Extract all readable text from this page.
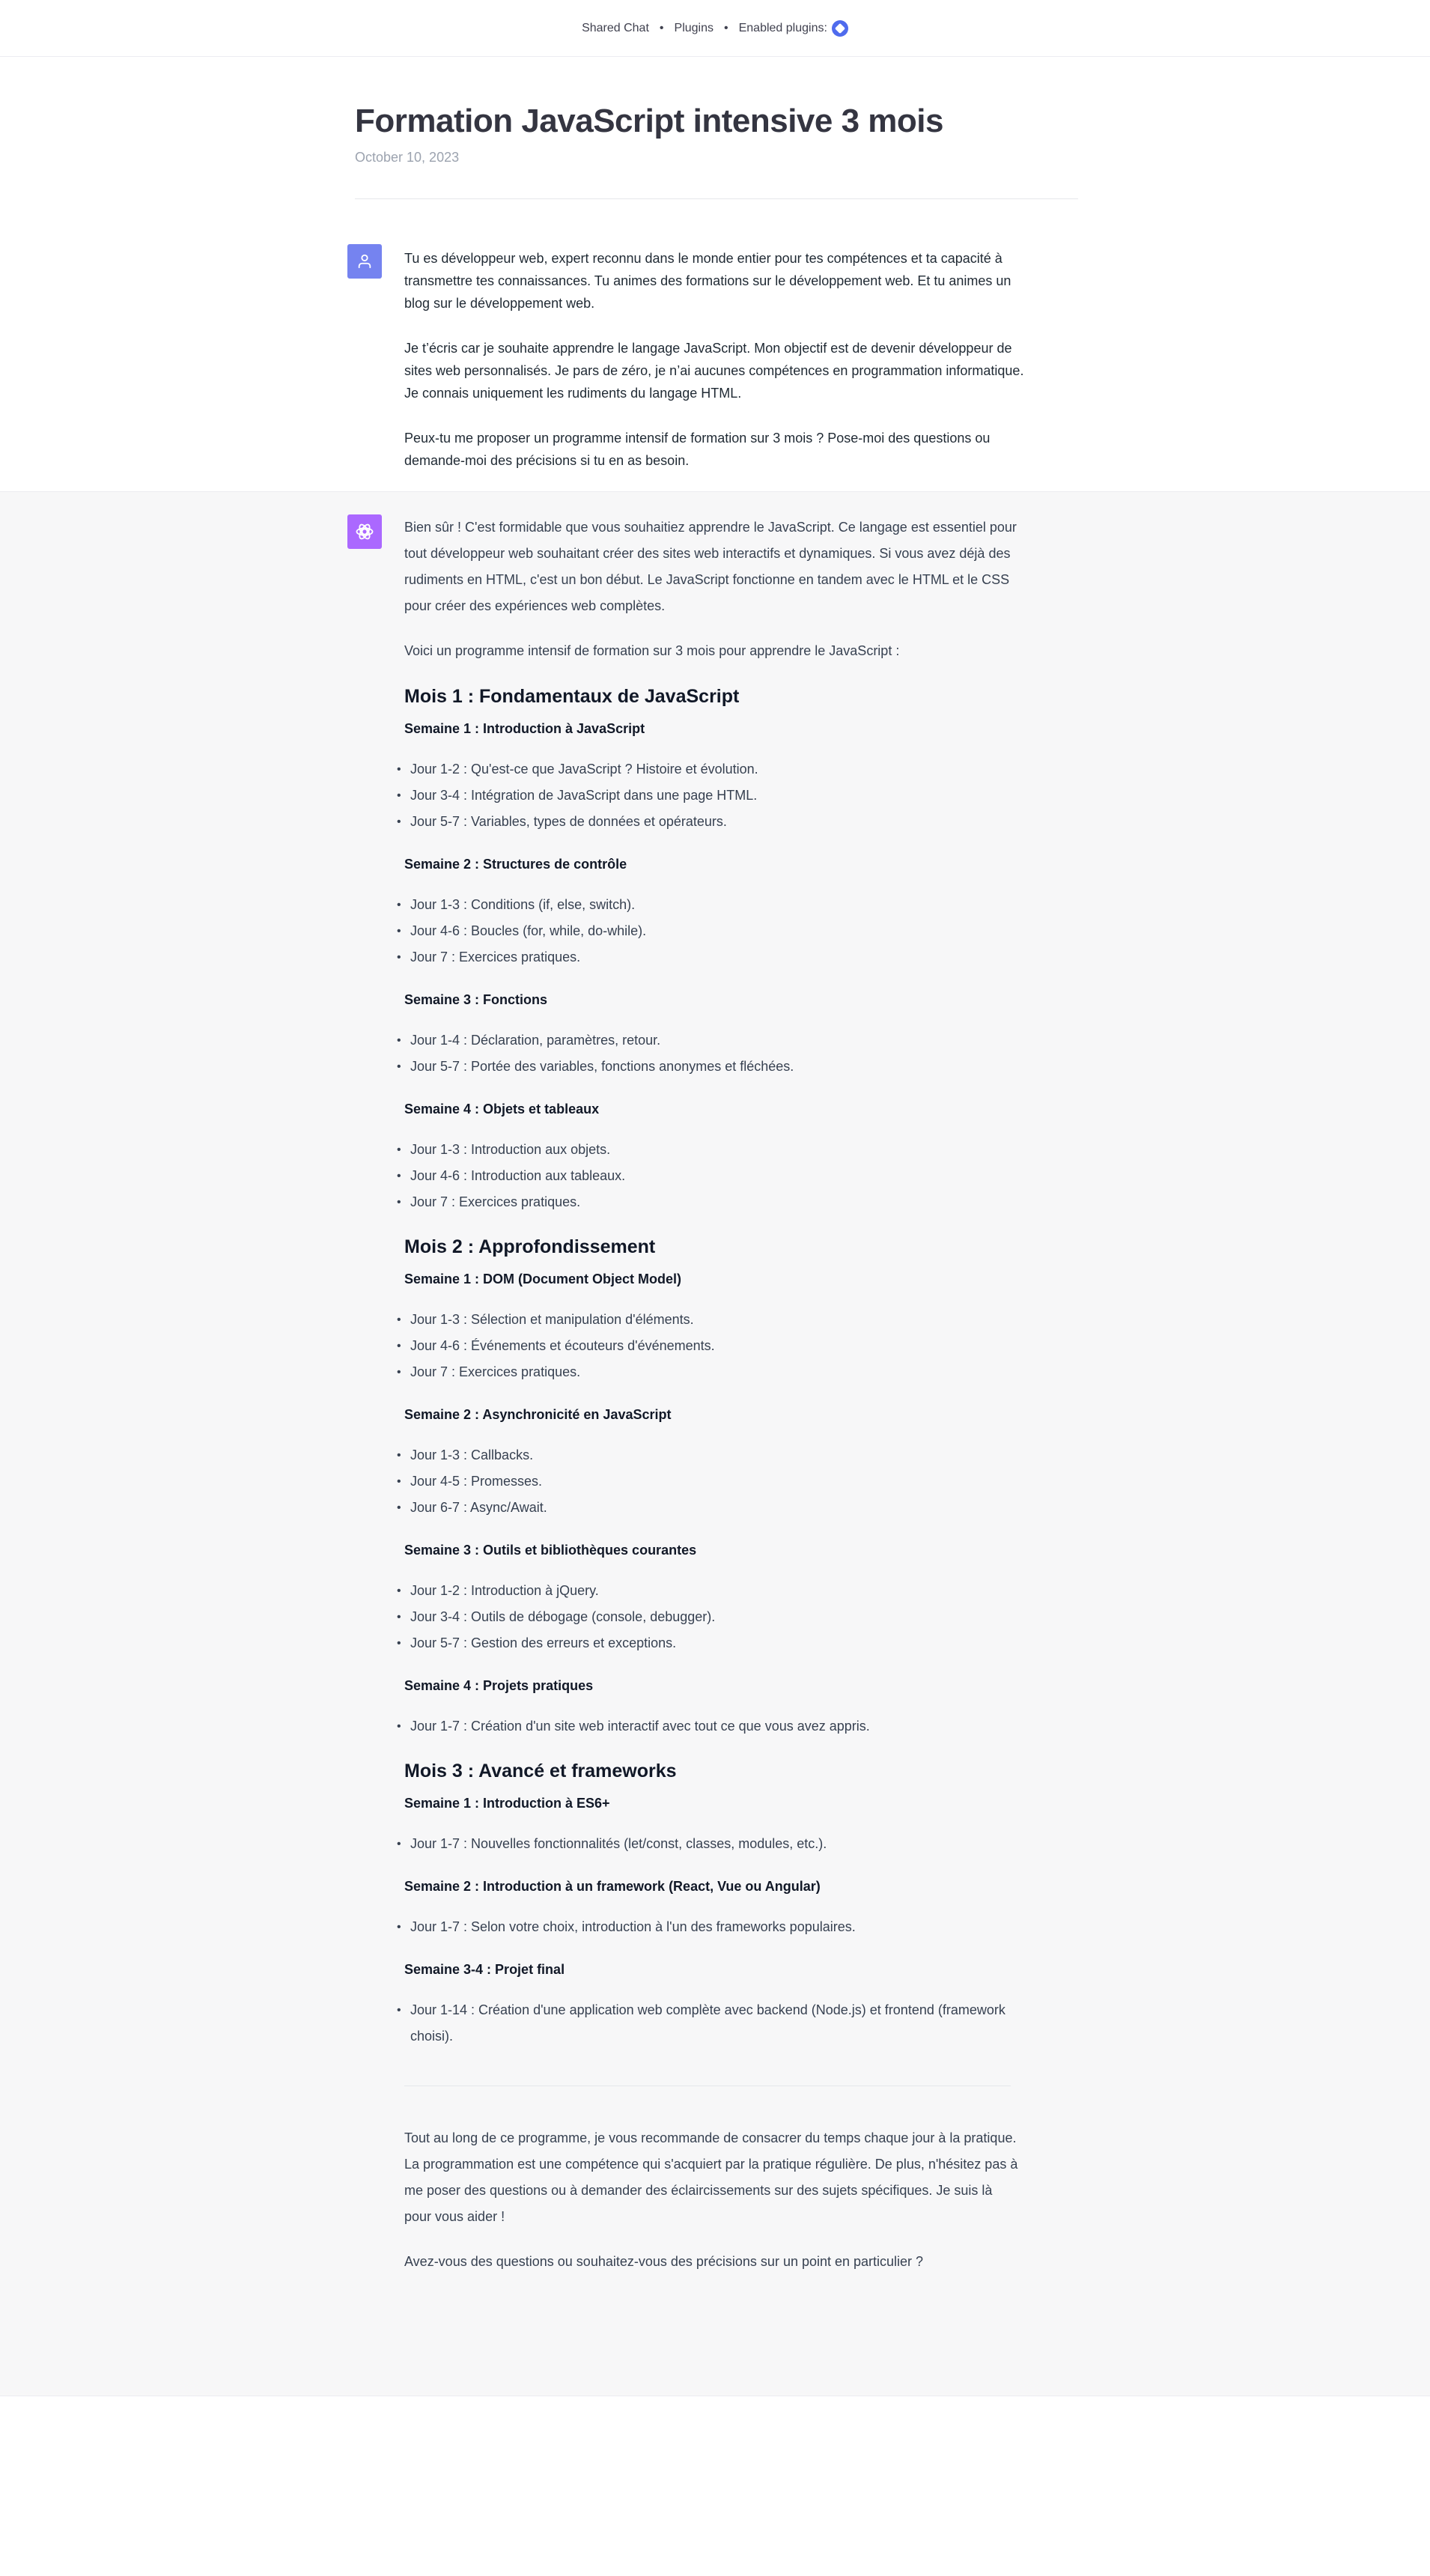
Shared Chat • Plugins • Enabled plugins:
Formation JavaScript intensive 3 mois
October 10, 2023

Tu es développeur web, expert reconnu dans le monde entier pour tes compétences et ta capacité à transmettre tes connaissances. Tu animes des formations sur le développement web. Et tu animes un blog sur le développement web.

Je t’écris car je souhaite apprendre le langage JavaScript. Mon objectif est de devenir développeur de sites web personnalisés. Je pars de zéro, je n’ai aucunes compétences en programmation informatique. Je connais uniquement les rudiments du langage HTML.

Peux-tu me proposer un programme intensif de formation sur 3 mois ? Pose-moi des questions ou demande-moi des précisions si tu en as besoin.

Bien sûr ! C'est formidable que vous souhaitiez apprendre le JavaScript. Ce langage est essentiel pour tout développeur web souhaitant créer des sites web interactifs et dynamiques. Si vous avez déjà des rudiments en HTML, c'est un bon début. Le JavaScript fonctionne en tandem avec le HTML et le CSS pour créer des expériences web complètes.

Voici un programme intensif de formation sur 3 mois pour apprendre le JavaScript :

Mois 1 : Fondamentaux de JavaScript
Semaine 1 : Introduction à JavaScript
• Jour 1-2 : Qu'est-ce que JavaScript ? Histoire et évolution.
• Jour 3-4 : Intégration de JavaScript dans une page HTML.
• Jour 5-7 : Variables, types de données et opérateurs.
Semaine 2 : Structures de contrôle
• Jour 1-3 : Conditions (if, else, switch).
• Jour 4-6 : Boucles (for, while, do-while).
• Jour 7 : Exercices pratiques.
Semaine 3 : Fonctions
• Jour 1-4 : Déclaration, paramètres, retour.
• Jour 5-7 : Portée des variables, fonctions anonymes et fléchées.
Semaine 4 : Objets et tableaux
• Jour 1-3 : Introduction aux objets.
• Jour 4-6 : Introduction aux tableaux.
• Jour 7 : Exercices pratiques.
Mois 2 : Approfondissement
Semaine 1 : DOM (Document Object Model)
• Jour 1-3 : Sélection et manipulation d'éléments.
• Jour 4-6 : Événements et écouteurs d'événements.
• Jour 7 : Exercices pratiques.
Semaine 2 : Asynchronicité en JavaScript
• Jour 1-3 : Callbacks.
• Jour 4-5 : Promesses.
• Jour 6-7 : Async/Await.
Semaine 3 : Outils et bibliothèques courantes
• Jour 1-2 : Introduction à jQuery.
• Jour 3-4 : Outils de débogage (console, debugger).
• Jour 5-7 : Gestion des erreurs et exceptions.
Semaine 4 : Projets pratiques
• Jour 1-7 : Création d'un site web interactif avec tout ce que vous avez appris.
Mois 3 : Avancé et frameworks
Semaine 1 : Introduction à ES6+
• Jour 1-7 : Nouvelles fonctionnalités (let/const, classes, modules, etc.).
Semaine 2 : Introduction à un framework (React, Vue ou Angular)
• Jour 1-7 : Selon votre choix, introduction à l'un des frameworks populaires.
Semaine 3-4 : Projet final
• Jour 1-14 : Création d'une application web complète avec backend (Node.js) et frontend (framework choisi).

Tout au long de ce programme, je vous recommande de consacrer du temps chaque jour à la pratique. La programmation est une compétence qui s'acquiert par la pratique régulière. De plus, n'hésitez pas à me poser des questions ou à demander des éclaircissements sur des sujets spécifiques. Je suis là pour vous aider !

Avez-vous des questions ou souhaitez-vous des précisions sur un point en particulier ?
